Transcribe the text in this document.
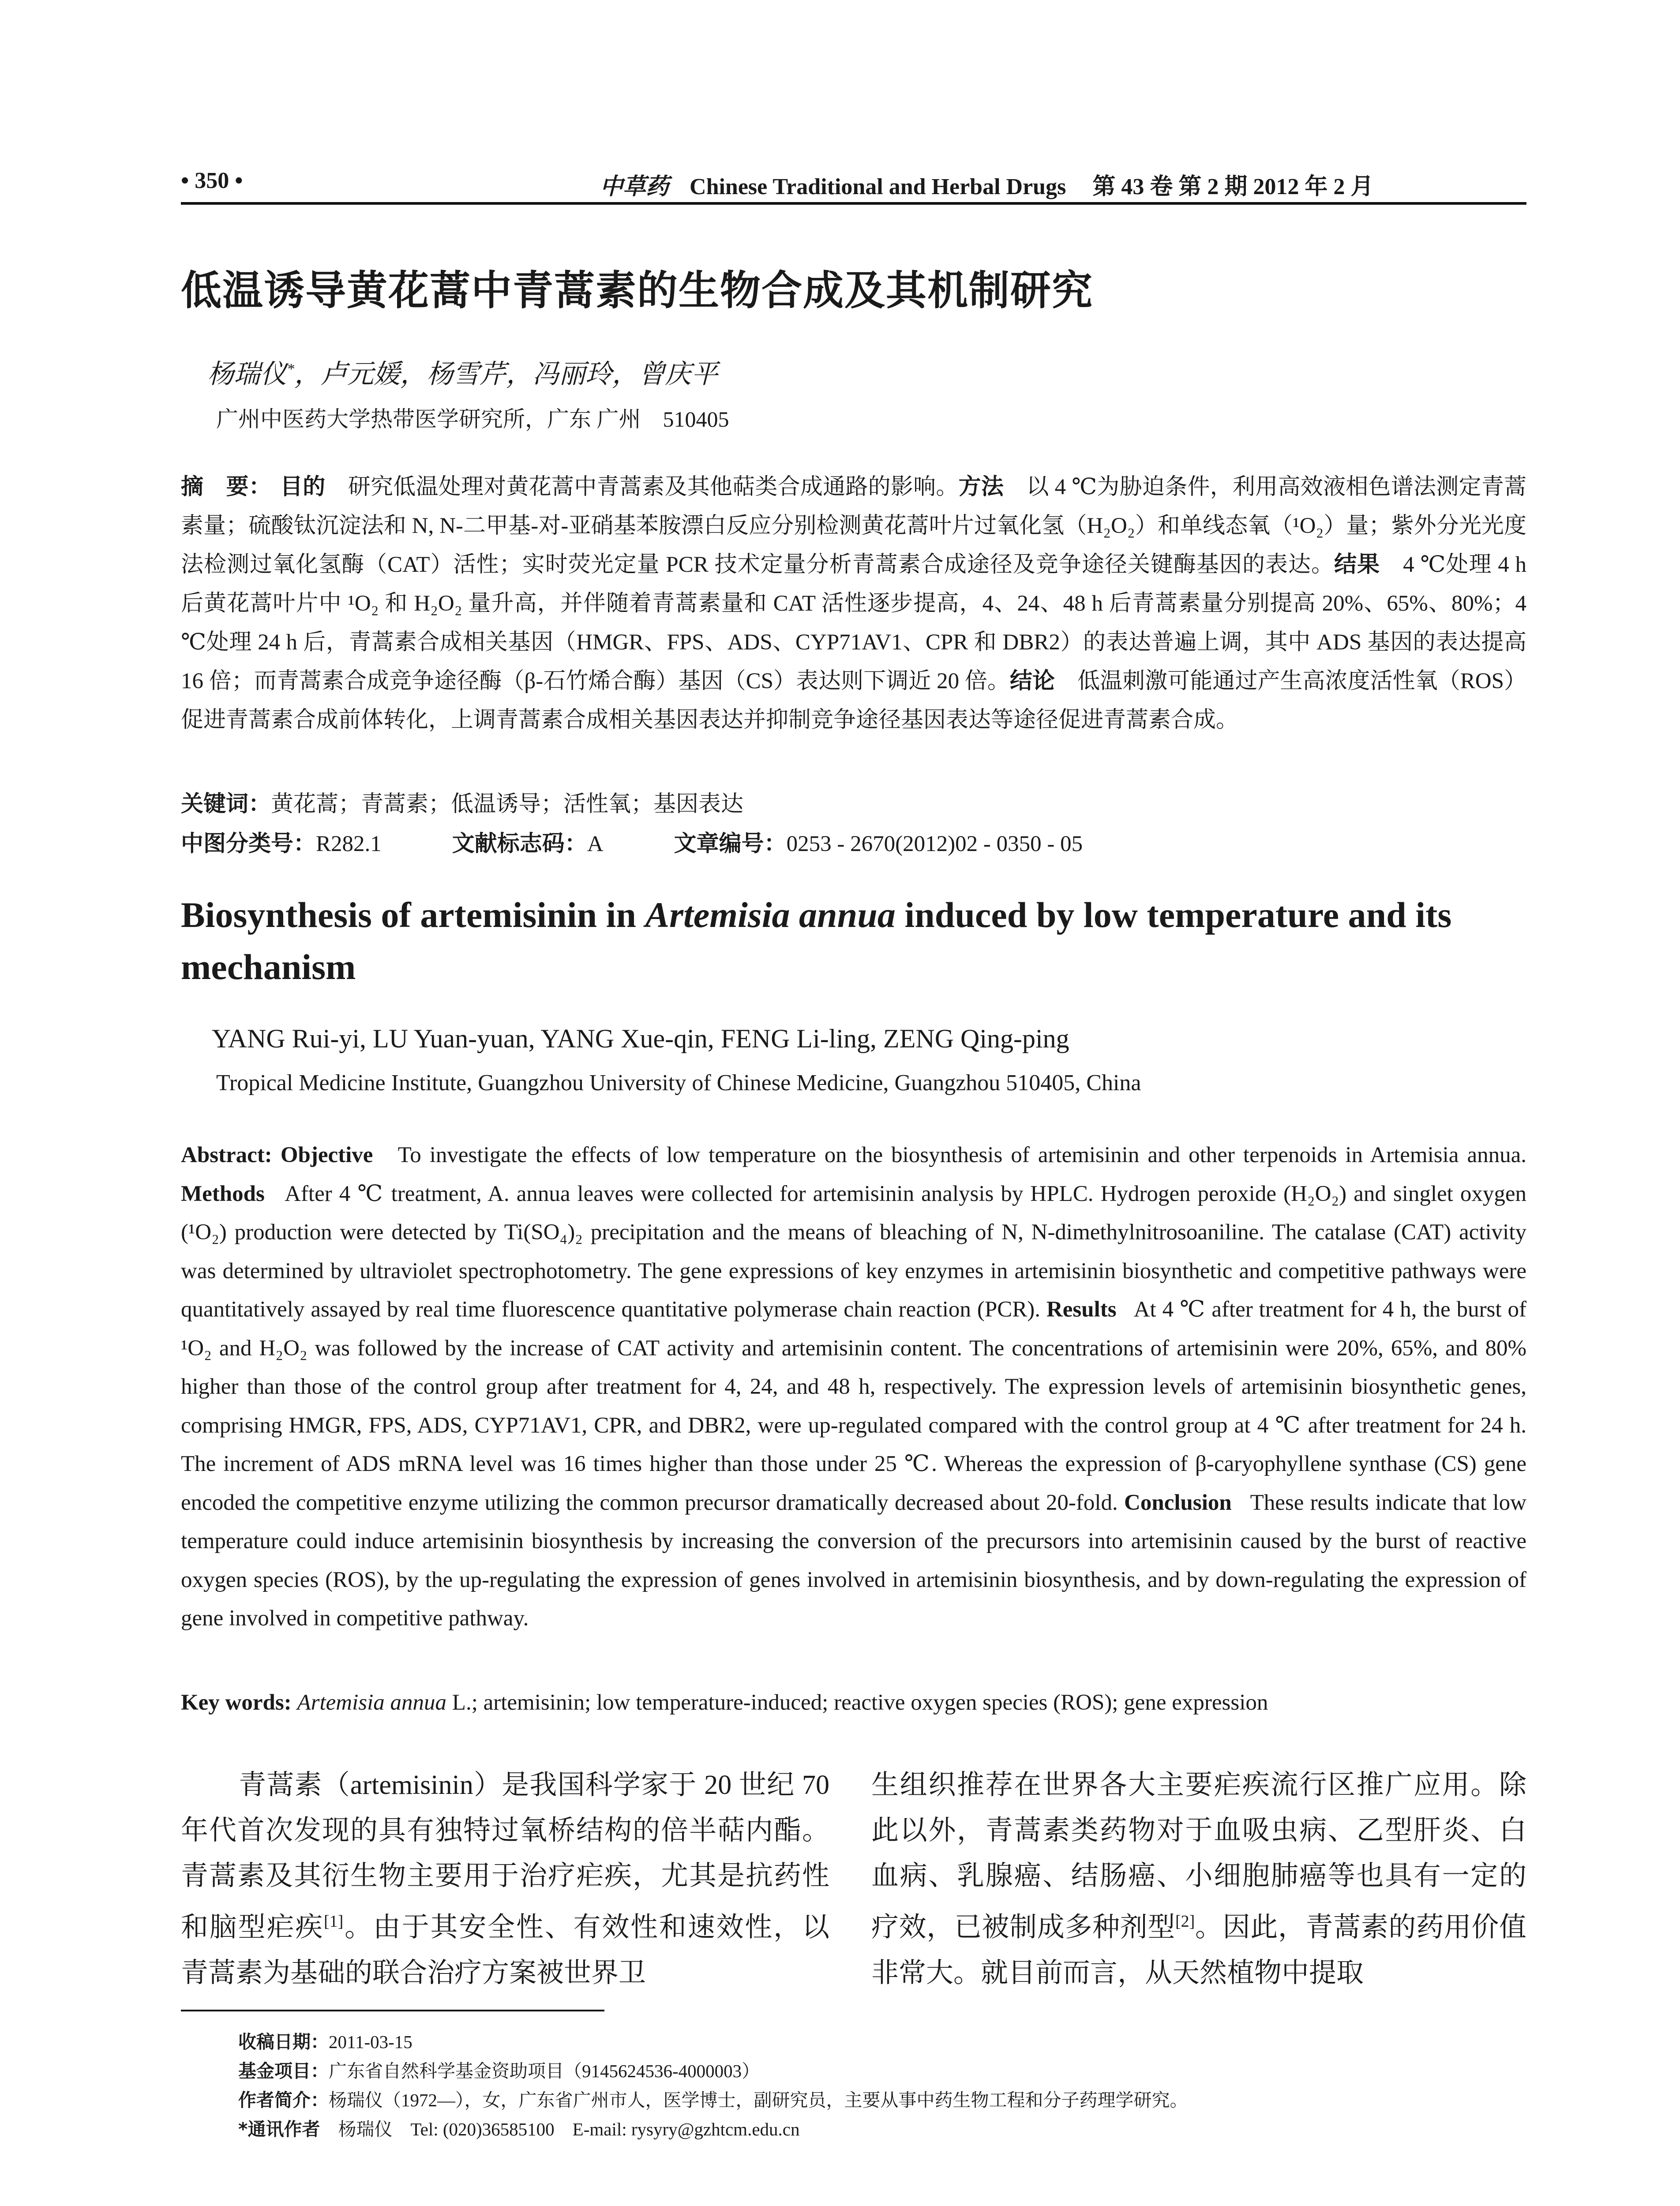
• 350 •	中草药 Chinese Traditional and Herbal Drugs 第 43 卷 第 2 期 2012 年 2 月
低温诱导黄花蒿中青蒿素的生物合成及其机制研究
杨瑞仪*，卢元媛，杨雪芹，冯丽玲，曾庆平
广州中医药大学热带医学研究所，广东 广州　510405
摘　要： 目的　 研究低温处理对黄花蒿中青蒿素及其他萜类合成通路的影响。方法　 以 4 ℃为胁迫条件，利用高效液相色谱法测定青蒿素量；硫酸钛沉淀法和 N, N-二甲基-对-亚硝基苯胺漂白反应分别检测黄花蒿叶片过氧化氢（H₂O₂）和单线态氧（¹O₂）量；紫外分光光度法检测过氧化氢酶（CAT）活性；实时荧光定量 PCR 技术定量分析青蒿素合成途径及竞争途径关键酶基因的表达。结果　 4 ℃处理 4 h 后黄花蒿叶片中 ¹O₂ 和 H₂O₂ 量升高，并伴随着青蒿素量和 CAT 活性逐步提高，4、24、48 h 后青蒿素量分别提高 20%、65%、80%；4 ℃处理 24 h 后，青蒿素合成相关基因（HMGR、FPS、ADS、CYP71AV1、CPR 和 DBR2）的表达普遍上调，其中 ADS 基因的表达提高 16 倍；而青蒿素合成竞争途径酶（β-石竹烯合酶）基因（CS）表达则下调近 20 倍。结论　 低温刺激可能通过产生高浓度活性氧（ROS）促进青蒿素合成前体转化，上调青蒿素合成相关基因表达并抑制竞争途径基因表达等途径促进青蒿素合成。
关键词：黄花蒿；青蒿素；低温诱导；活性氧；基因表达
中图分类号：R282.1	文献标志码：A	文章编号：0253 - 2670(2012)02 - 0350 - 05
Biosynthesis of artemisinin in Artemisia annua induced by low temperature and its mechanism
YANG Rui-yi, LU Yuan-yuan, YANG Xue-qin, FENG Li-ling, ZENG Qing-ping
Tropical Medicine Institute, Guangzhou University of Chinese Medicine, Guangzhou 510405, China
Abstract: Objective To investigate the effects of low temperature on the biosynthesis of artemisinin and other terpenoids in Artemisia annua. Methods After 4 ℃ treatment, A. annua leaves were collected for artemisinin analysis by HPLC. Hydrogen peroxide (H₂O₂) and singlet oxygen (¹O₂) production were detected by Ti(SO₄)₂ precipitation and the means of bleaching of N, N-dimethylnitrosoaniline. The catalase (CAT) activity was determined by ultraviolet spectrophotometry. The gene expressions of key enzymes in artemisinin biosynthetic and competitive pathways were quantitatively assayed by real time fluorescence quantitative polymerase chain reaction (PCR). Results At 4 ℃ after treatment for 4 h, the burst of ¹O₂ and H₂O₂ was followed by the increase of CAT activity and artemisinin content. The concentrations of artemisinin were 20%, 65%, and 80% higher than those of the control group after treatment for 4, 24, and 48 h, respectively. The expression levels of artemisinin biosynthetic genes, comprising HMGR, FPS, ADS, CYP71AV1, CPR, and DBR2, were up-regulated compared with the control group at 4 ℃ after treatment for 24 h. The increment of ADS mRNA level was 16 times higher than those under 25 ℃. Whereas the expression of β-caryophyllene synthase (CS) gene encoded the competitive enzyme utilizing the common precursor dramatically decreased about 20-fold. Conclusion These results indicate that low temperature could induce artemisinin biosynthesis by increasing the conversion of the precursors into artemisinin caused by the burst of reactive oxygen species (ROS), by the up-regulating the expression of genes involved in artemisinin biosynthesis, and by down-regulating the expression of gene involved in competitive pathway.
Key words: Artemisia annua L.; artemisinin; low temperature-induced; reactive oxygen species (ROS); gene expression
青蒿素（artemisinin）是我国科学家于 20 世纪 70 年代首次发现的具有独特过氧桥结构的倍半萜内酯。青蒿素及其衍生物主要用于治疗疟疾，尤其是抗药性和脑型疟疾[1]。由于其安全性、有效性和速效性，以青蒿素为基础的联合治疗方案被世界卫
生组织推荐在世界各大主要疟疾流行区推广应用。除此以外，青蒿素类药物对于血吸虫病、乙型肝炎、白血病、乳腺癌、结肠癌、小细胞肺癌等也具有一定的疗效，已被制成多种剂型[2]。因此，青蒿素的药用价值非常大。就目前而言，从天然植物中提取
收稿日期：2011-03-15
基金项目：广东省自然科学基金资助项目（9145624536-4000003）
作者简介：杨瑞仪（1972—），女，广东省广州市人，医学博士，副研究员，主要从事中药生物工程和分子药理学研究。
*通讯作者　 杨瑞仪　Tel: (020)36585100　E-mail: rysyry@gzhtcm.edu.cn
